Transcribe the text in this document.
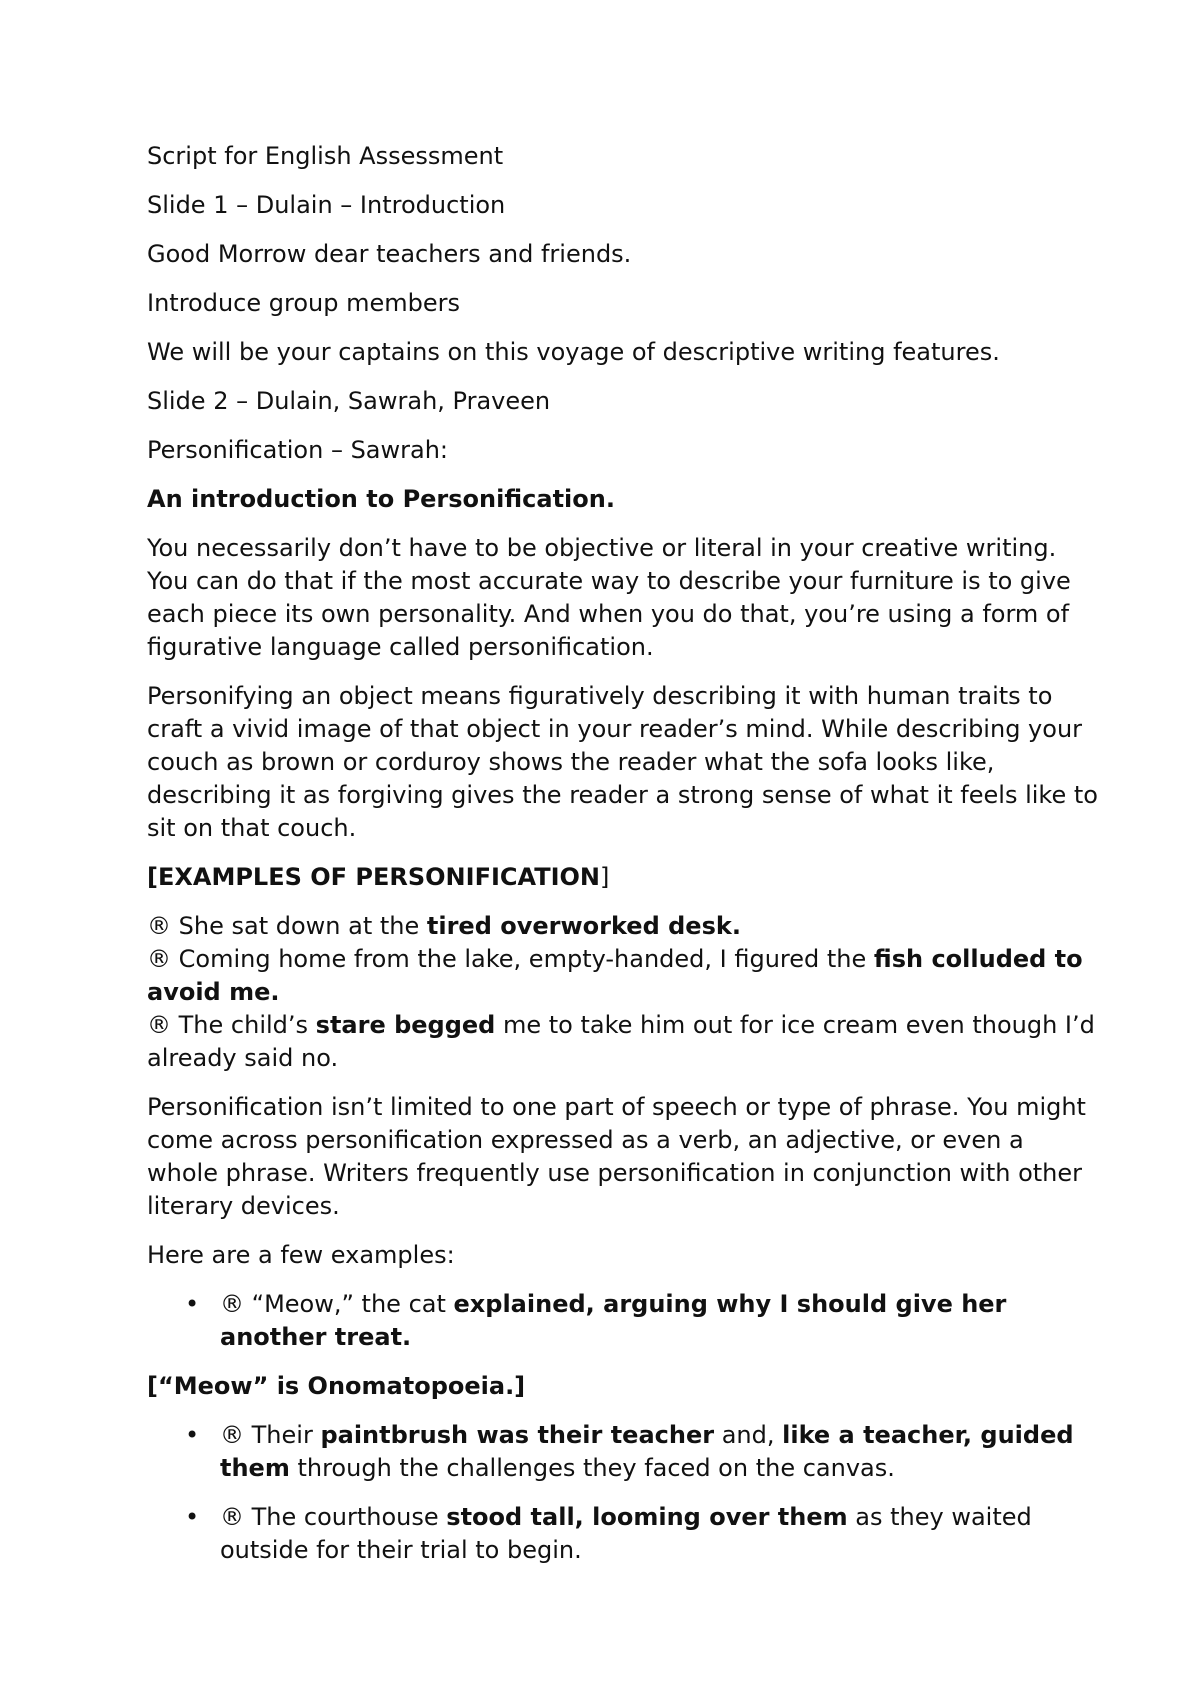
Script for English Assessment

Slide 1 – Dulain – Introduction

Good Morrow dear teachers and friends.

Introduce group members

We will be your captains on this voyage of descriptive writing features.

Slide 2 – Dulain, Sawrah, Praveen

Personification – Sawrah:

An introduction to Personification.

You necessarily don’t have to be objective or literal in your creative writing. You can do that if the most accurate way to describe your furniture is to give each piece its own personality. And when you do that, you’re using a form of figurative language called personification.

Personifying an object means figuratively describing it with human traits to craft a vivid image of that object in your reader’s mind. While describing your couch as brown or corduroy shows the reader what the sofa looks like, describing it as forgiving gives the reader a strong sense of what it feels like to sit on that couch.

[EXAMPLES OF PERSONIFICATION]

® She sat down at the tired overworked desk.

® Coming home from the lake, empty-handed, I figured the fish colluded to avoid me.

® The child’s stare begged me to take him out for ice cream even though I’d already said no.

Personification isn’t limited to one part of speech or type of phrase. You might come across personification expressed as a verb, an adjective, or even a whole phrase. Writers frequently use personification in conjunction with other literary devices.

Here are a few examples:

• ® “Meow,” the cat explained, arguing why I should give her another treat.

[“Meow” is Onomatopoeia.]

• ® Their paintbrush was their teacher and, like a teacher, guided them through the challenges they faced on the canvas.
• ® The courthouse stood tall, looming over them as they waited outside for their trial to begin.
